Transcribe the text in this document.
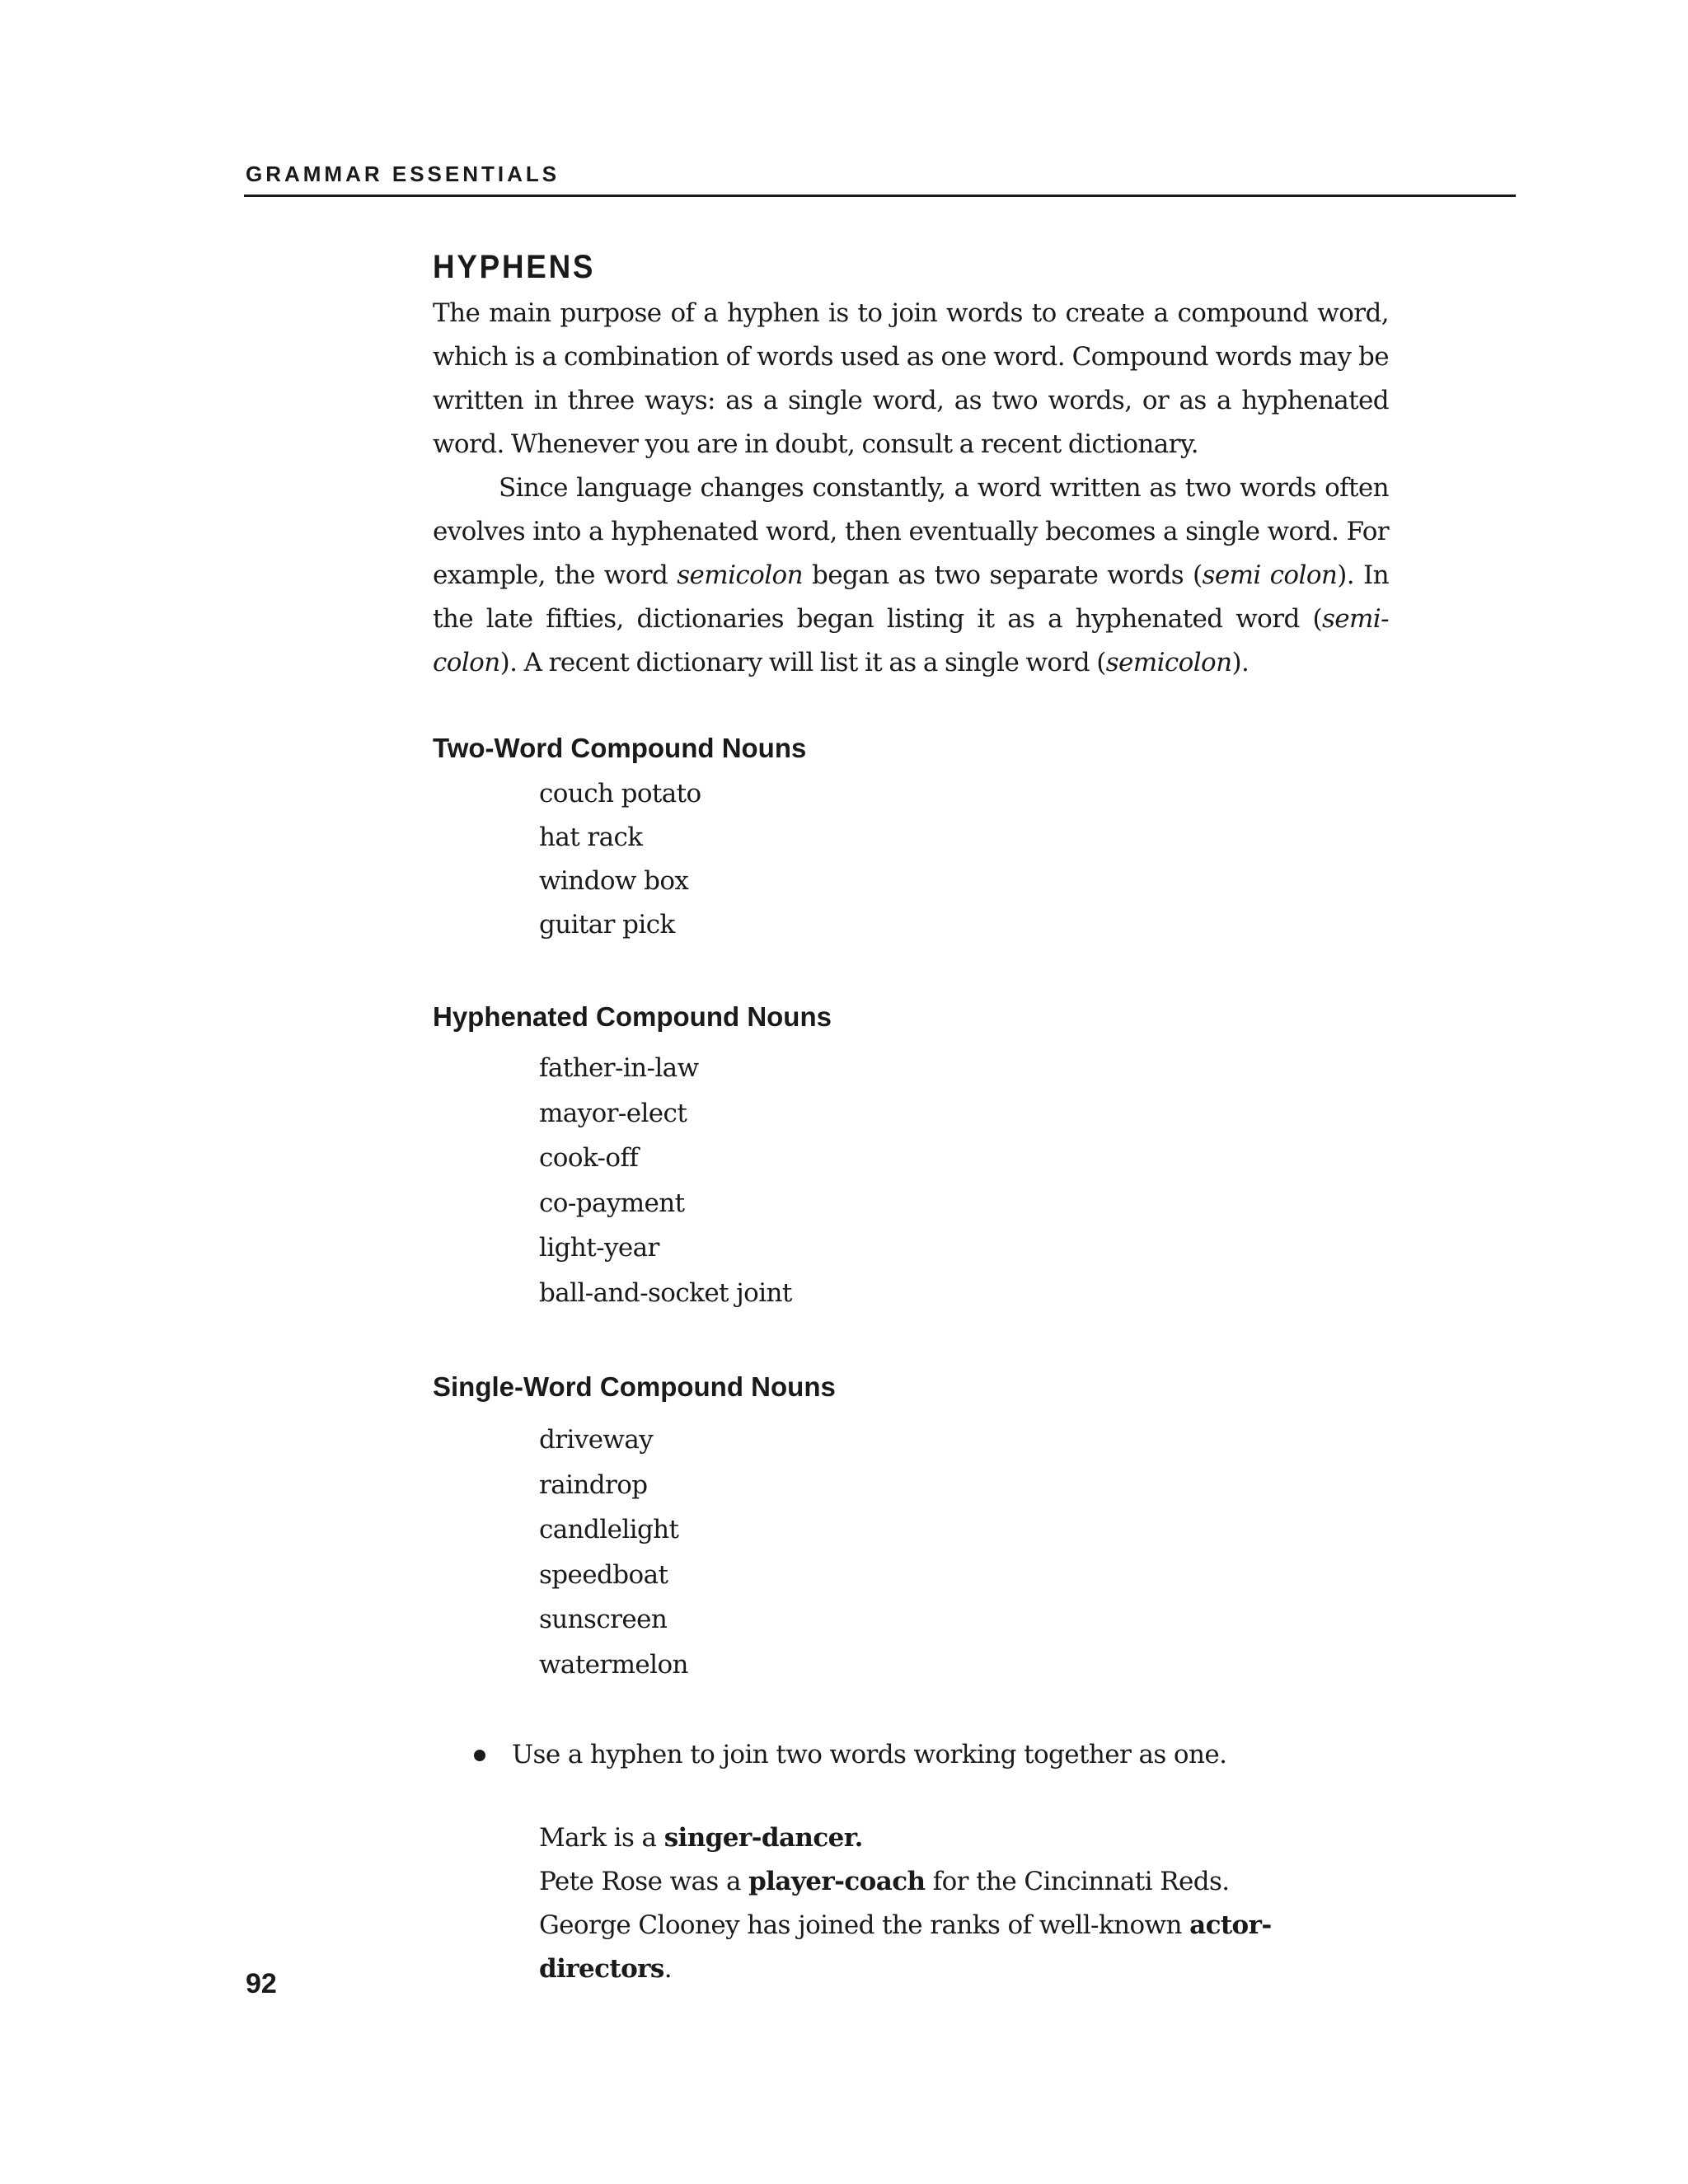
GRAMMAR ESSENTIALS
HYPHENS

The main purpose of a hyphen is to join words to create a compound word, which is a combination of words used as one word. Compound words may be written in three ways: as a single word, as two words, or as a hyphenated word. Whenever you are in doubt, consult a recent dictionary.

Since language changes constantly, a word written as two words often evolves into a hyphenated word, then eventually becomes a single word. For example, the word semicolon began as two separate words (semi colon). In the late fifties, dictionaries began listing it as a hyphenated word (semi-colon). A recent dictionary will list it as a single word (semicolon).

Two-Word Compound Nouns
couch potato
hat rack
window box
guitar pick
Hyphenated Compound Nouns
father-in-law
mayor-elect
cook-off
co-payment
light-year
ball-and-socket joint
Single-Word Compound Nouns
driveway
raindrop
candlelight
speedboat
sunscreen
watermelon
Use a hyphen to join two words working together as one.
Mark is a singer-dancer.
Pete Rose was a player-coach for the Cincinnati Reds.
George Clooney has joined the ranks of well-known actor-directors.
92
